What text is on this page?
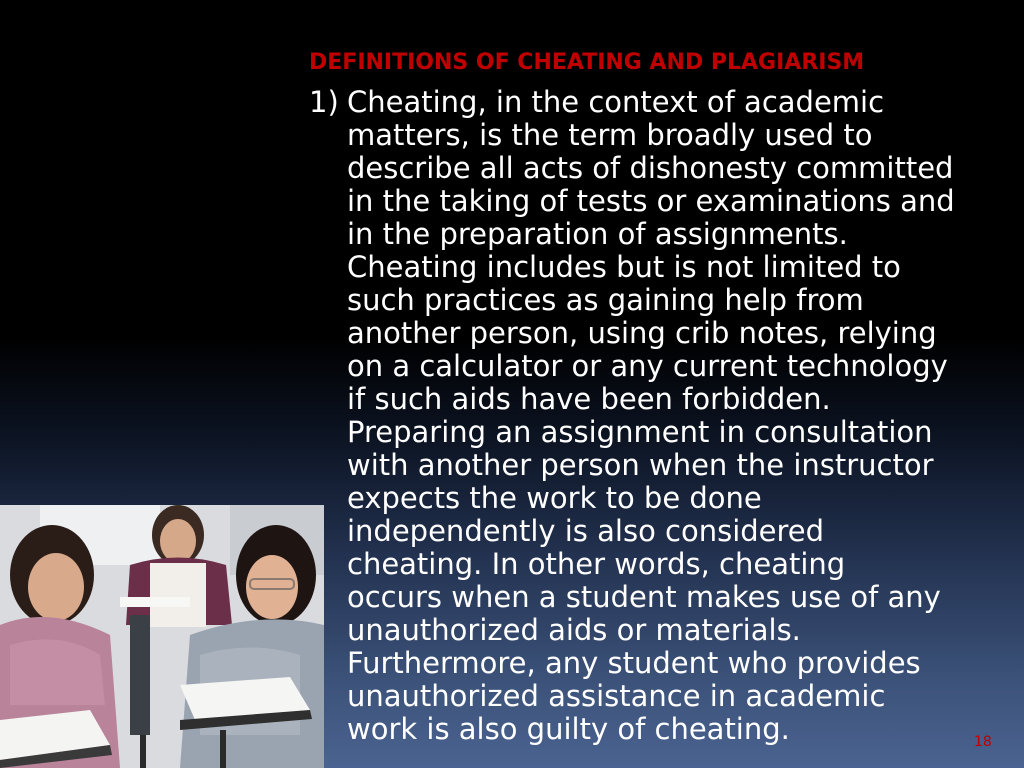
DEFINITIONS OF CHEATING AND PLAGIARISM
1) Cheating, in the context of academic
matters, is the term broadly used to
describe all acts of dishonesty committed
in the taking of tests or examinations and
in the preparation of assignments.
Cheating includes but is not limited to
such practices as gaining help from
another person, using crib notes, relying
on a calculator or any current technology
if such aids have been forbidden.
Preparing an assignment in consultation
with another person when the instructor
expects the work to be done
independently is also considered
cheating. In other words, cheating
occurs when a student makes use of any
unauthorized aids or materials.
Furthermore, any student who provides
unauthorized assistance in academic
work is also guilty of cheating.	18
